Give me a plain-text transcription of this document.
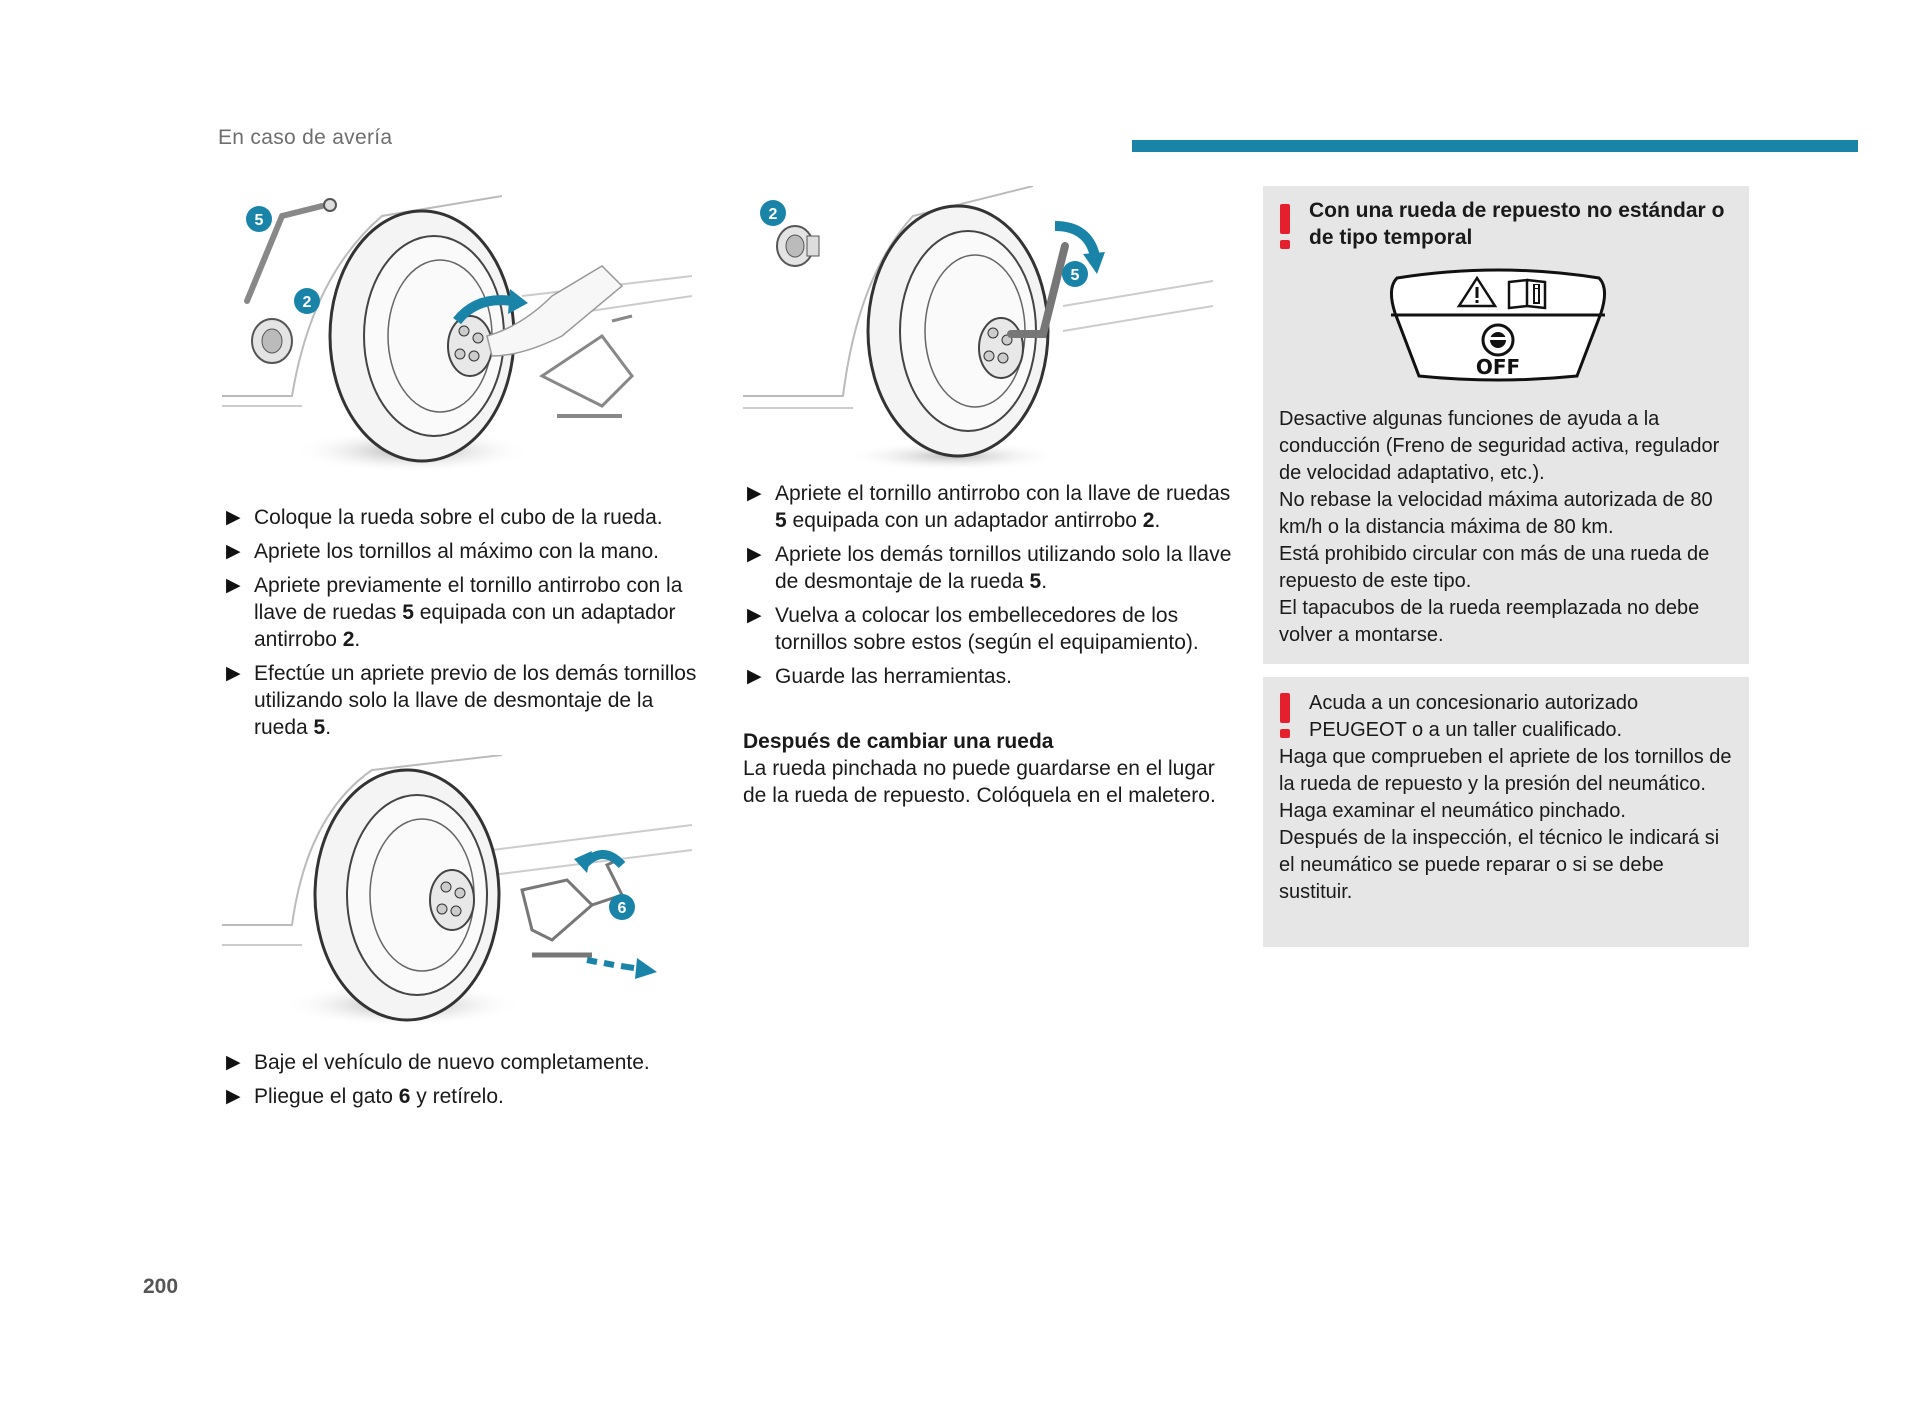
En caso de avería
5
2
▶ Coloque la rueda sobre el cubo de la rueda.
▶ Apriete los tornillos al máximo con la mano.
▶ Apriete previamente el tornillo antirrobo con la llave de ruedas 5 equipada con un adaptador antirrobo 2.
▶ Efectúe un apriete previo de los demás tornillos utilizando solo la llave de desmontaje de la rueda 5.
6
▶ Baje el vehículo de nuevo completamente.
▶ Pliegue el gato 6 y retírelo.
5
2
▶ Apriete el tornillo antirrobo con la llave de ruedas 5 equipada con un adaptador antirrobo 2.
▶ Apriete los demás tornillos utilizando solo la llave de desmontaje de la rueda 5.
▶ Vuelva a colocar los embellecedores de los tornillos sobre estos (según el equipamiento).
▶ Guarde las herramientas.
Después de cambiar una rueda
La rueda pinchada no puede guardarse en el lugar de la rueda de repuesto. Colóquela en el maletero.
Con una rueda de repuesto no estándar o de tipo temporal
OFF
Desactive algunas funciones de ayuda a la conducción (Freno de seguridad activa, regulador de velocidad adaptativo, etc.).
No rebase la velocidad máxima autorizada de 80 km/h o la distancia máxima de 80 km.
Está prohibido circular con más de una rueda de repuesto de este tipo.
El tapacubos de la rueda reemplazada no debe volver a montarse.
Acuda a un concesionario autorizado PEUGEOT o a un taller cualificado.
Haga que comprueben el apriete de los tornillos de la rueda de repuesto y la presión del neumático.
Haga examinar el neumático pinchado.
Después de la inspección, el técnico le indicará si el neumático se puede reparar o si se debe sustituir.
200
